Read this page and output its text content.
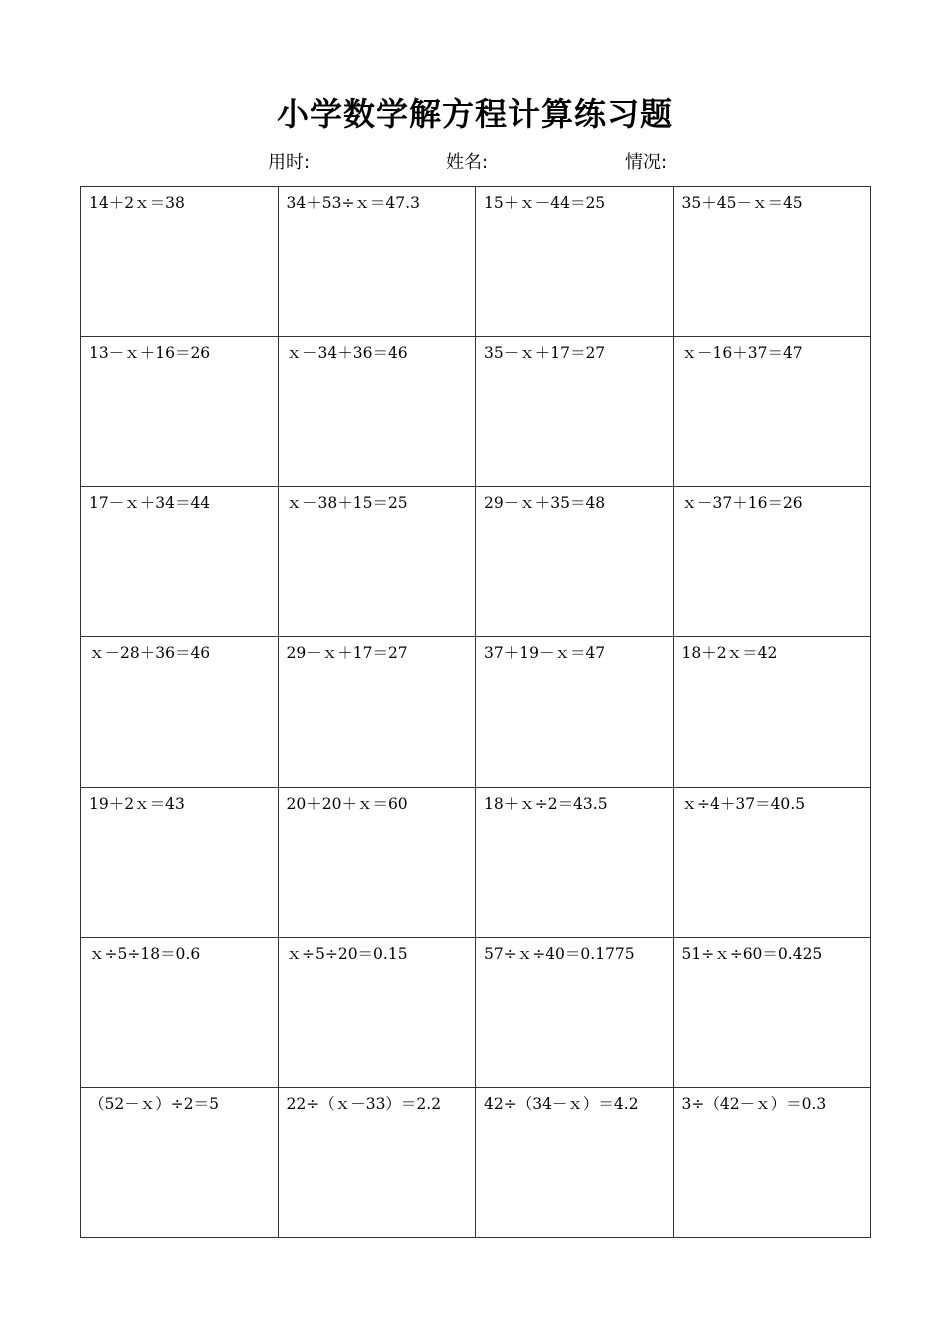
小学数学解方程计算练习题
用时:	姓名:	情况:
14＋2ｘ＝38	34＋53÷ｘ＝47.3	15＋ｘ－44＝25	35＋45－ｘ＝45
13－ｘ＋16＝26	ｘ－34＋36＝46	35－ｘ＋17＝27	ｘ－16＋37＝47
17－ｘ＋34＝44	ｘ－38＋15＝25	29－ｘ＋35＝48	ｘ－37＋16＝26
ｘ－28＋36＝46	29－ｘ＋17＝27	37＋19－ｘ＝47	18＋2ｘ＝42
19＋2ｘ＝43	20＋20＋ｘ＝60	18＋ｘ÷2＝43.5	ｘ÷4＋37＝40.5
ｘ÷5÷18＝0.6	ｘ÷5÷20＝0.15	57÷ｘ÷40＝0.1775	51÷ｘ÷60＝0.425
（52－ｘ）÷2＝5	22÷（ｘ－33）＝2.2	42÷（34－ｘ）＝4.2	3÷（42－ｘ）＝0.3
